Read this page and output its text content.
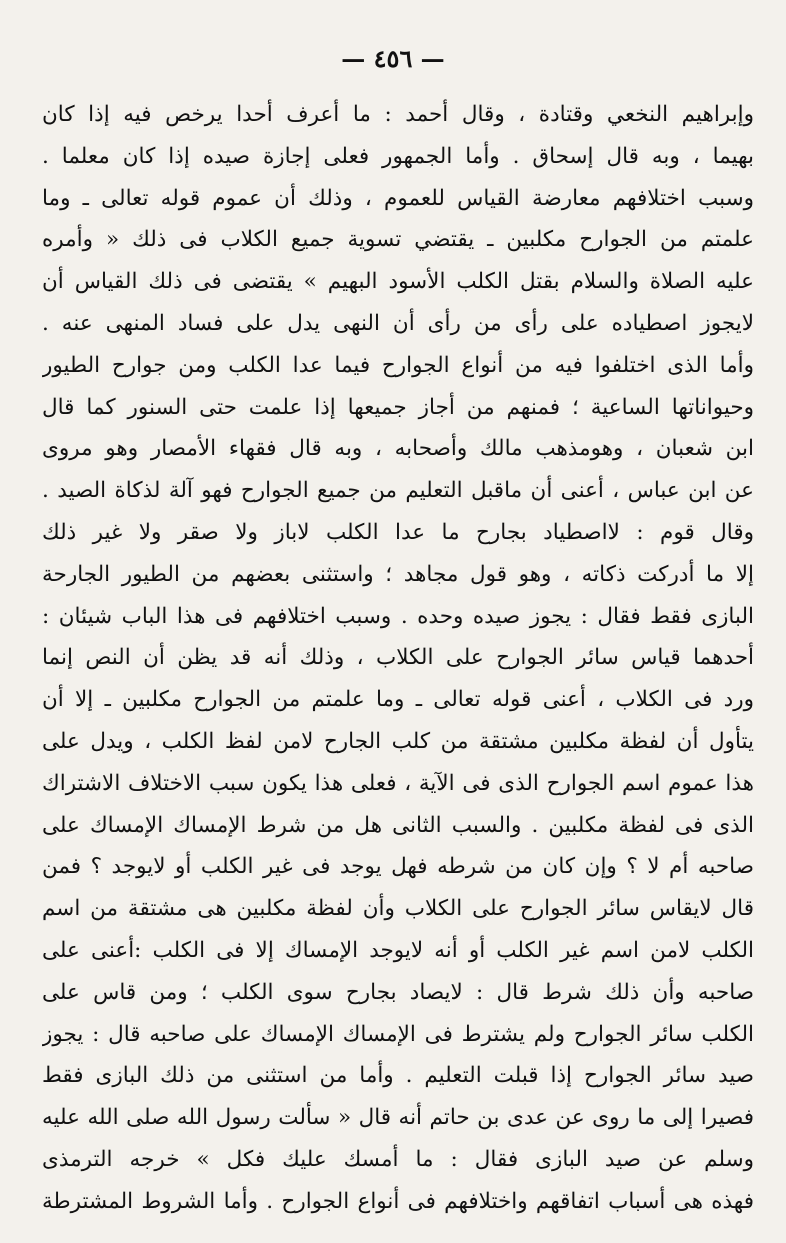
— ٤٥٦ —
وإبراهيم النخعي وقتادة ، وقال أحمد : ما أعرف أحدا يرخص فيه إذا كان
بهيما ، وبه قال إسحاق . وأما الجمهور فعلى إجازة صيده إذا كان معلما .
وسبب اختلافهم معارضة القياس للعموم ، وذلك أن عموم قوله تعالى ـ وما
علمتم من الجوارح مكلبين ـ يقتضي تسوية جميع الكلاب فى ذلك « وأمره
عليه الصلاة والسلام بقتل الكلب الأسود البهيم » يقتضى فى ذلك القياس أن
لايجوز اصطياده على رأى من رأى أن النهى يدل على فساد المنهى عنه .
وأما الذى اختلفوا فيه من أنواع الجوارح فيما عدا الكلب ومن جوارح الطيور
وحيواناتها الساعية ؛ فمنهم من أجاز جميعها إذا علمت حتى السنور كما قال
ابن شعبان ، وهومذهب مالك وأصحابه ، وبه قال فقهاء الأمصار وهو مروى
عن ابن عباس ، أعنى أن ماقبل التعليم من جميع الجوارح فهو آلة لذكاة الصيد .
وقال قوم : لااصطياد بجارح ما عدا الكلب لاباز ولا صقر ولا غير ذلك
إلا ما أدركت ذكاته ، وهو قول مجاهد ؛ واستثنى بعضهم من الطيور الجارحة
البازى فقط فقال : يجوز صيده وحده . وسبب اختلافهم فى هذا الباب شيئان :
أحدهما قياس سائر الجوارح على الكلاب ، وذلك أنه قد يظن أن النص إنما
ورد فى الكلاب ، أعنى قوله تعالى ـ وما علمتم من الجوارح مكلبين ـ إلا أن
يتأول أن لفظة مكلبين مشتقة من كلب الجارح لامن لفظ الكلب ، ويدل على
هذا عموم اسم الجوارح الذى فى الآية ، فعلى هذا يكون سبب الاختلاف الاشتراك
الذى فى لفظة مكلبين . والسبب الثانى هل من شرط الإمساك الإمساك على
صاحبه أم لا ؟ وإن كان من شرطه فهل يوجد فى غير الكلب أو لايوجد ؟ فمن
قال لايقاس سائر الجوارح على الكلاب وأن لفظة مكلبين هى مشتقة من اسم
الكلب لامن اسم غير الكلب أو أنه لايوجد الإمساك إلا فى الكلب :أعنى على
صاحبه وأن ذلك شرط قال : لايصاد بجارح سوى الكلب ؛ ومن قاس على
الكلب سائر الجوارح ولم يشترط فى الإمساك الإمساك على صاحبه قال : يجوز
صيد سائر الجوارح إذا قبلت التعليم . وأما من استثنى من ذلك البازى فقط
فصيرا إلى ما روى عن عدى بن حاتم أنه قال « سألت رسول الله صلى الله عليه
وسلم عن صيد البازى فقال : ما أمسك عليك فكل » خرجه الترمذى
فهذه هى أسباب اتفاقهم واختلافهم فى أنواع الجوارح . وأما الشروط المشترطة
